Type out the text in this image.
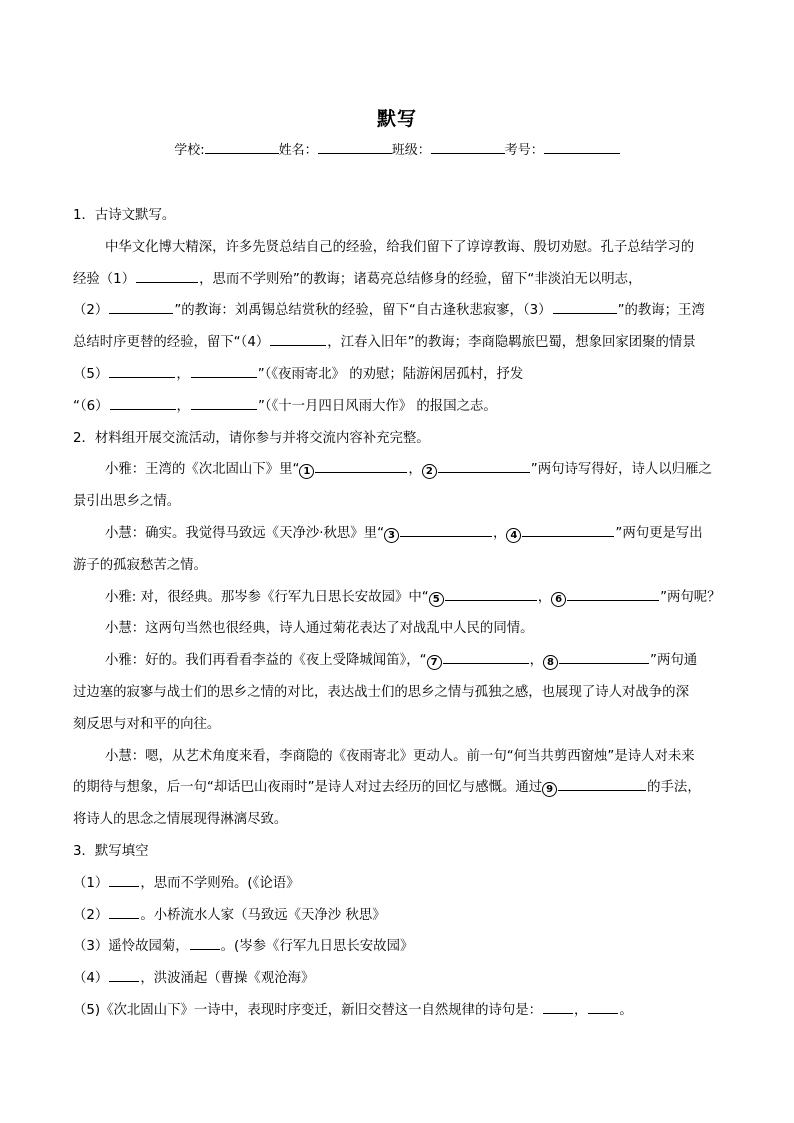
默写
学校:	姓名：	班级：	考号：

1．古诗文默写。

中华文化博大精深，许多先贤总结自己的经验，给我们留下了谆谆教诲、殷切劝慰。孔子总结学习的

经验（1）	，思而不学则殆”的教诲；诸葛亮总结修身的经验，留下“非淡泊无以明志，

（2）	”的教诲：刘禹锡总结赏秋的经验，留下“自古逢秋悲寂寥，（3）	”的教诲；王湾

总结时序更替的经验，留下“（4）	，江春入旧年”的教诲；李商隐羁旅巴蜀，想象回家团聚的情景

（5）	，	”（《夜雨寄北》 的劝慰；陆游闲居孤村，抒发

“（6）	，	”（《十一月四日风雨大作》 的报国之志。

2．材料组开展交流活动，请你参与并将交流内容补充完整。

小雅：王湾的《次北固山下》里“ 1	， 2	”两句诗写得好，诗人以归雁之

景引出思乡之情。

小慧：确实。我觉得马致远《天净沙·秋思》里“ 3	， 4	”两句更是写出

游子的孤寂愁苦之情。

小雅: 对，很经典。那岑参《行军九日思长安故园》中“ 5	， 6	”两句呢？

小慧：这两句当然也很经典，诗人通过菊花表达了对战乱中人民的同情。

小雅：好的。我们再看看李益的《夜上受降城闻笛》，“ 7	， 8	”两句通

过边塞的寂寥与战士们的思乡之情的对比，表达战士们的思乡之情与孤独之感，也展现了诗人对战争的深

刻反思与对和平的向往。

小慧：嗯，从艺术角度来看，李商隐的《夜雨寄北》更动人。前一句“何当共剪西窗烛”是诗人对未来

的期待与想象，后一句“却话巴山夜雨时”是诗人对过去经历的回忆与感慨。通过 9	的手法，

将诗人的思念之情展现得淋漓尽致。

3．默写填空

（1） ，思而不学则殆。(《论语》

（2） 。小桥流水人家（马致远《天净沙 秋思》

（3）遥怜故园菊， 。(岑参《行军九日思长安故园》

（4） ，洪波涌起（曹操《观沧海》

（5)《次北固山下》一诗中，表现时序变迁，新旧交替这一自然规律的诗句是： ， 。
